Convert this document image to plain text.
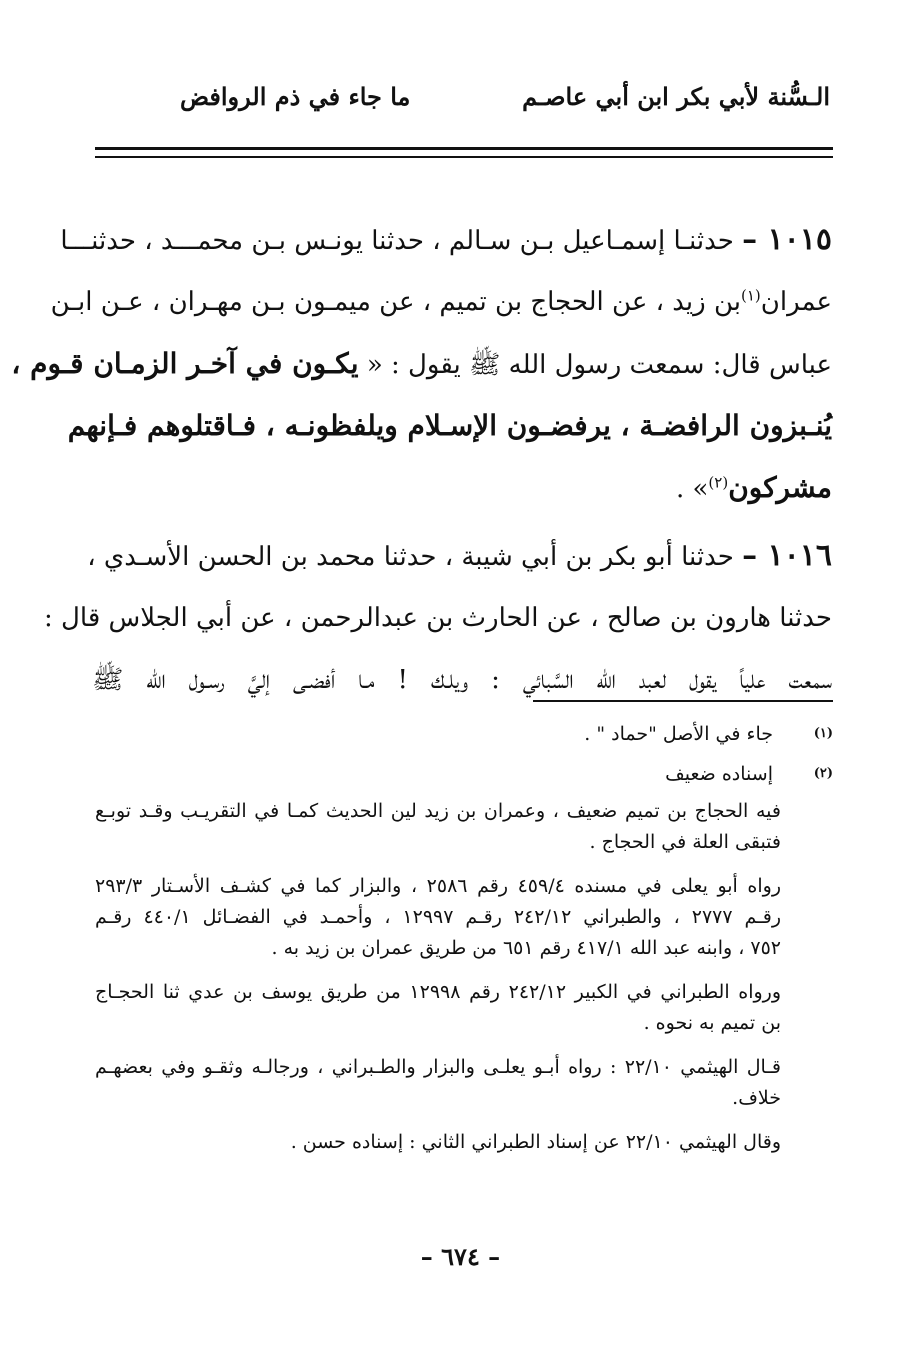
الـسُّنة لأبي بكر ابن أبي عاصـم
ما جاء في ذم الروافض
١٠١٥ – حدثنـا إسمـاعيل بـن سـالم ، حدثنا يونـس بـن محمـــد ، حدثنـــا
عمران$^{(١)}$بن زيد ، عن الحجاج بن تميم ، عن ميمـون بـن مهـران ، عـن ابـن
عباس قال: سمعت رسول الله ﷺ يقول : « يكـون في آخـر الزمـان قـوم ،
يُنـبزون الرافضـة ، يرفضـون الإسـلام ويلفظونـه ، فـاقتلوهم فـإنهم
مشركون$^{(٢)}$» .
١٠١٦ – حدثنا أبو بكر بن أبي شيبة ، حدثنا محمد بن الحسن الأسـدي ،
حدثنا هارون بن صالح ، عن الحارث بن عبدالرحمن ، عن أبي الجلاس قال :
سمعت علياً يقول لعبد الله السَّبائي : ويلـك ! مـا أفضـى إليَّ رسـول الله ﷺ
(١)
جاء في الأصل "حماد " .
(٢)
إسناده ضعيف
فيه الحجاج بن تميم ضعيف ، وعمران بن زيد لين الحديث كمـا في التقريـب وقـد توبـع
فتبقى العلة في الحجاج .
رواه أبو يعلى في مسنده ٤٥٩/٤ رقم ٢٥٨٦ ، والبزار كما في كشـف الأسـتار ٢٩٣/٣
رقـم ٢٧٧٧ ، والطبراني ٢٤٢/١٢ رقـم ١٢٩٩٧ ، وأحمـد في الفضـائل ٤٤٠/١ رقـم
٧٥٢ ، وابنه عبد الله ٤١٧/١ رقم ٦٥١ من طريق عمران بن زيد به .
ورواه الطبراني في الكبير ٢٤٢/١٢ رقم ١٢٩٩٨ من طريق يوسف بن عدي ثنا الحجـاج
بن تميم به نحوه .
قـال الهيثمي ٢٢/١٠ : رواه أبـو يعلـى والبزار والطـبراني ، ورجالـه وثقـو وفي بعضهـم
خلاف.
وقال الهيثمي ٢٢/١٠ عن إسناد الطبراني الثاني : إسناده حسن .
– ٦٧٤ –
